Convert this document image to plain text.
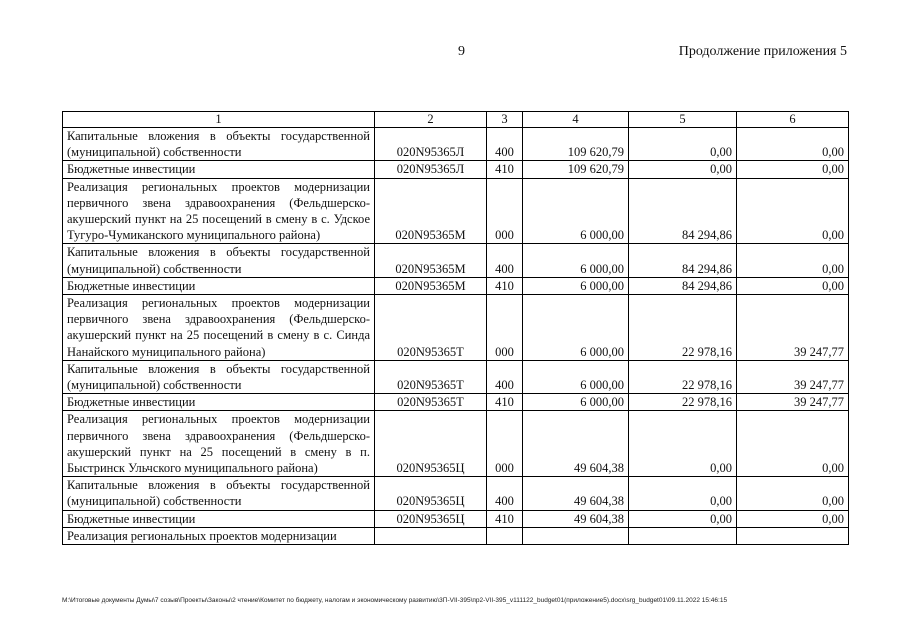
9	Продолжение приложения 5
1	2	3	4	5	6
Капитальные вложения в объекты государственной (муниципальной) собственности	020N95365Л	400	109 620,79	0,00	0,00
Бюджетные инвестиции	020N95365Л	410	109 620,79	0,00	0,00
Реализация региональных проектов модернизации первичного звена здравоохранения (Фельдшерско-акушерский пункт на 25 посещений в смену в с. Удское Тугуро-Чумиканского муниципального района)	020N95365М	000	6 000,00	84 294,86	0,00
Капитальные вложения в объекты государственной (муниципальной) собственности	020N95365М	400	6 000,00	84 294,86	0,00
Бюджетные инвестиции	020N95365М	410	6 000,00	84 294,86	0,00
Реализация региональных проектов модернизации первичного звена здравоохранения (Фельдшерско-акушерский пункт на 25 посещений в смену в с. Синда Нанайского муниципального района)	020N95365Т	000	6 000,00	22 978,16	39 247,77
Капитальные вложения в объекты государственной (муниципальной) собственности	020N95365Т	400	6 000,00	22 978,16	39 247,77
Бюджетные инвестиции	020N95365Т	410	6 000,00	22 978,16	39 247,77
Реализация региональных проектов модернизации первичного звена здравоохранения (Фельдшерско-акушерский пункт на 25 посещений в смену в п. Быстринск Ульчского муниципального района)	020N95365Ц	000	49 604,38	0,00	0,00
Капитальные вложения в объекты государственной (муниципальной) собственности	020N95365Ц	400	49 604,38	0,00	0,00
Бюджетные инвестиции	020N95365Ц	410	49 604,38	0,00	0,00
Реализация региональных проектов модернизации					
M:\Итоговые документы Думы\7 созыв\Проекты\Законы\2 чтение\Комитет по бюджету, налогам и экономическому развитию\3П-VII-395\пр2-VII-395_v111122_budget01(приложение5).docx\srg_budget01\09.11.2022 15:46:15
